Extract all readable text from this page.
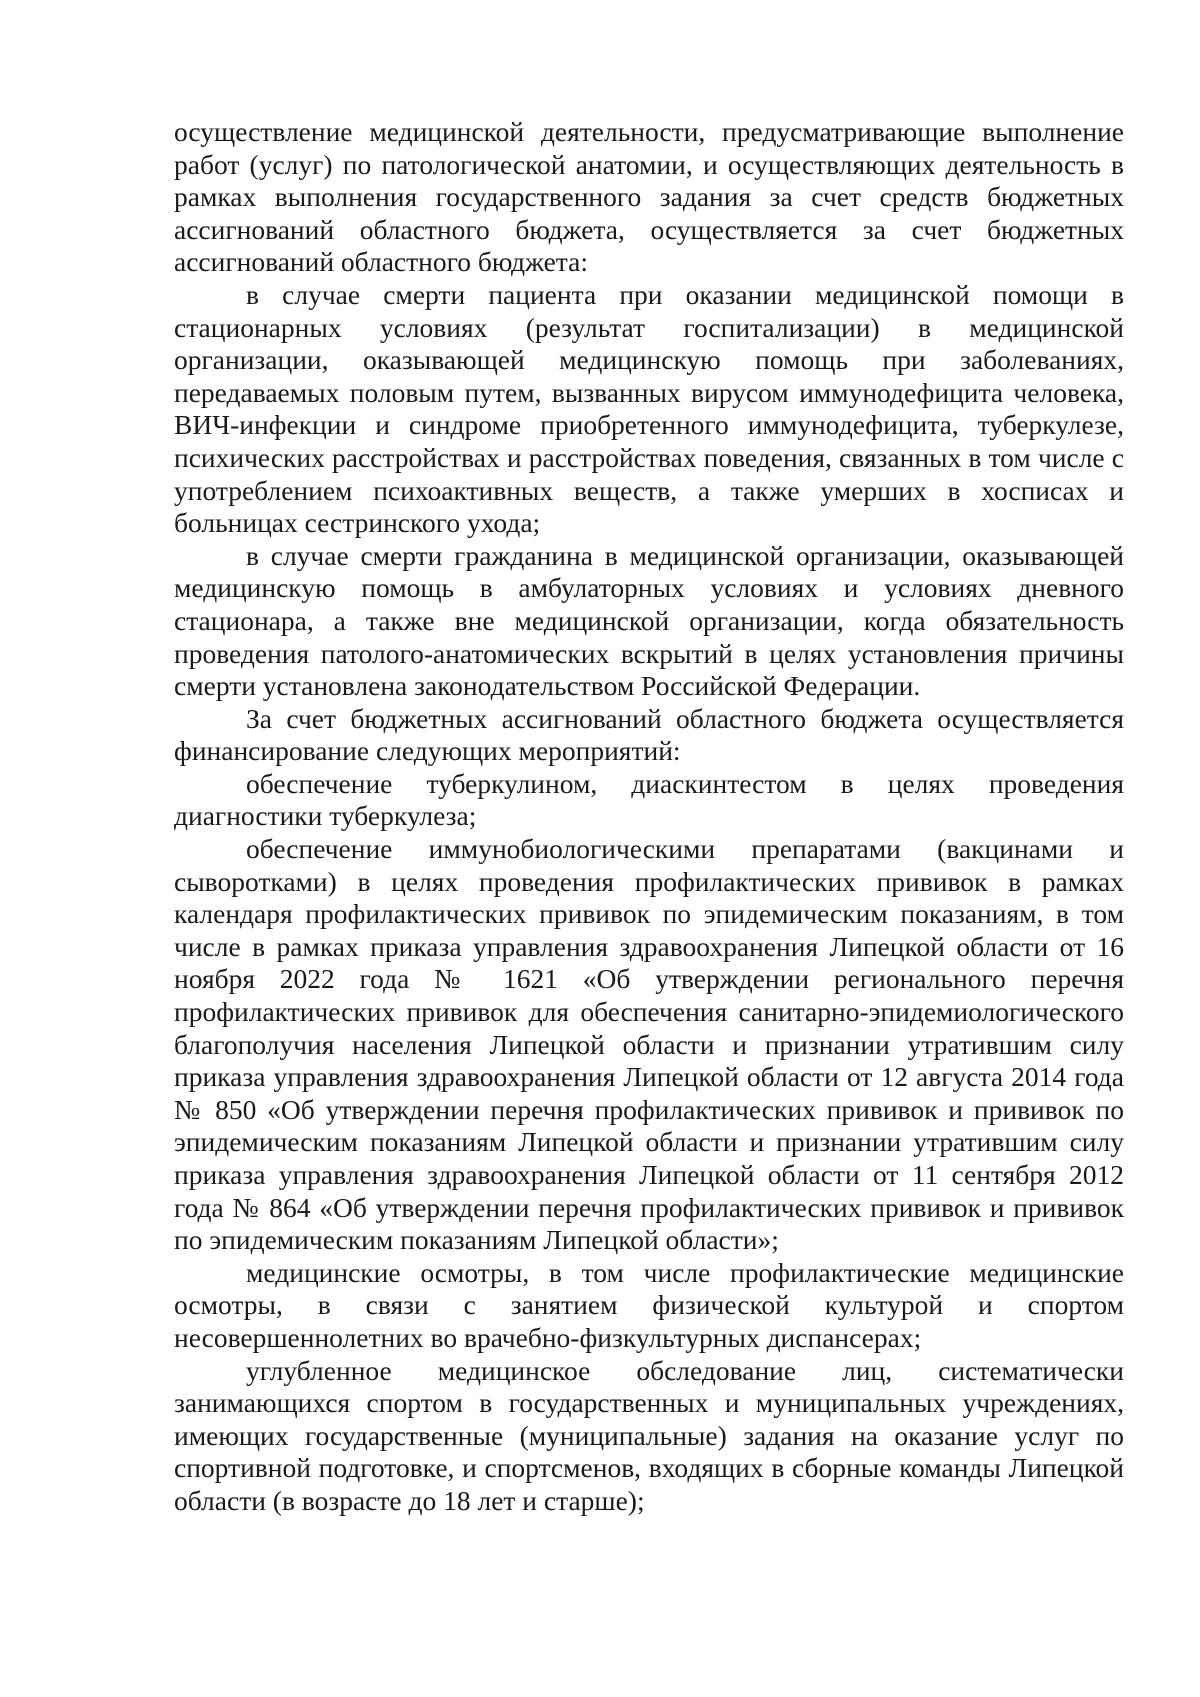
осуществление медицинской деятельности, предусматривающие выполнение работ (услуг) по патологической анатомии, и осуществляющих деятельность в рамках выполнения государственного задания за счет средств бюджетных ассигнований областного бюджета, осуществляется за счет бюджетных ассигнований областного бюджета:

в случае смерти пациента при оказании медицинской помощи в стационарных условиях (результат госпитализации) в медицинской организации, оказывающей медицинскую помощь при заболеваниях, передаваемых половым путем, вызванных вирусом иммунодефицита человека, ВИЧ-инфекции и синдроме приобретенного иммунодефицита, туберкулезе, психических расстройствах и расстройствах поведения, связанных в том числе с употреблением психоактивных веществ, а также умерших в хосписах и больницах сестринского ухода;

в случае смерти гражданина в медицинской организации, оказывающей медицинскую помощь в амбулаторных условиях и условиях дневного стационара, а также вне медицинской организации, когда обязательность проведения патолого-анатомических вскрытий в целях установления причины смерти установлена законодательством Российской Федерации.

За счет бюджетных ассигнований областного бюджета осуществляется финансирование следующих мероприятий:

обеспечение туберкулином, диаскинтестом в целях проведения диагностики туберкулеза;

обеспечение иммунобиологическими препаратами (вакцинами и сыворотками) в целях проведения профилактических прививок в рамках календаря профилактических прививок по эпидемическим показаниям, в том числе в рамках приказа управления здравоохранения Липецкой области от 16 ноября 2022 года № 1621 «Об утверждении регионального перечня профилактических прививок для обеспечения санитарно-эпидемиологического благополучия населения Липецкой области и признании утратившим силу приказа управления здравоохранения Липецкой области от 12 августа 2014 года № 850 «Об утверждении перечня профилактических прививок и прививок по эпидемическим показаниям Липецкой области и признании утратившим силу приказа управления здравоохранения Липецкой области от 11 сентября 2012 года № 864 «Об утверждении перечня профилактических прививок и прививок по эпидемическим показаниям Липецкой области»;

медицинские осмотры, в том числе профилактические медицинские осмотры, в связи с занятием физической культурой и спортом несовершеннолетних во врачебно-физкультурных диспансерах;

углубленное медицинское обследование лиц, систематически занимающихся спортом в государственных и муниципальных учреждениях, имеющих государственные (муниципальные) задания на оказание услуг по спортивной подготовке, и спортсменов, входящих в сборные команды Липецкой области (в возрасте до 18 лет и старше);
